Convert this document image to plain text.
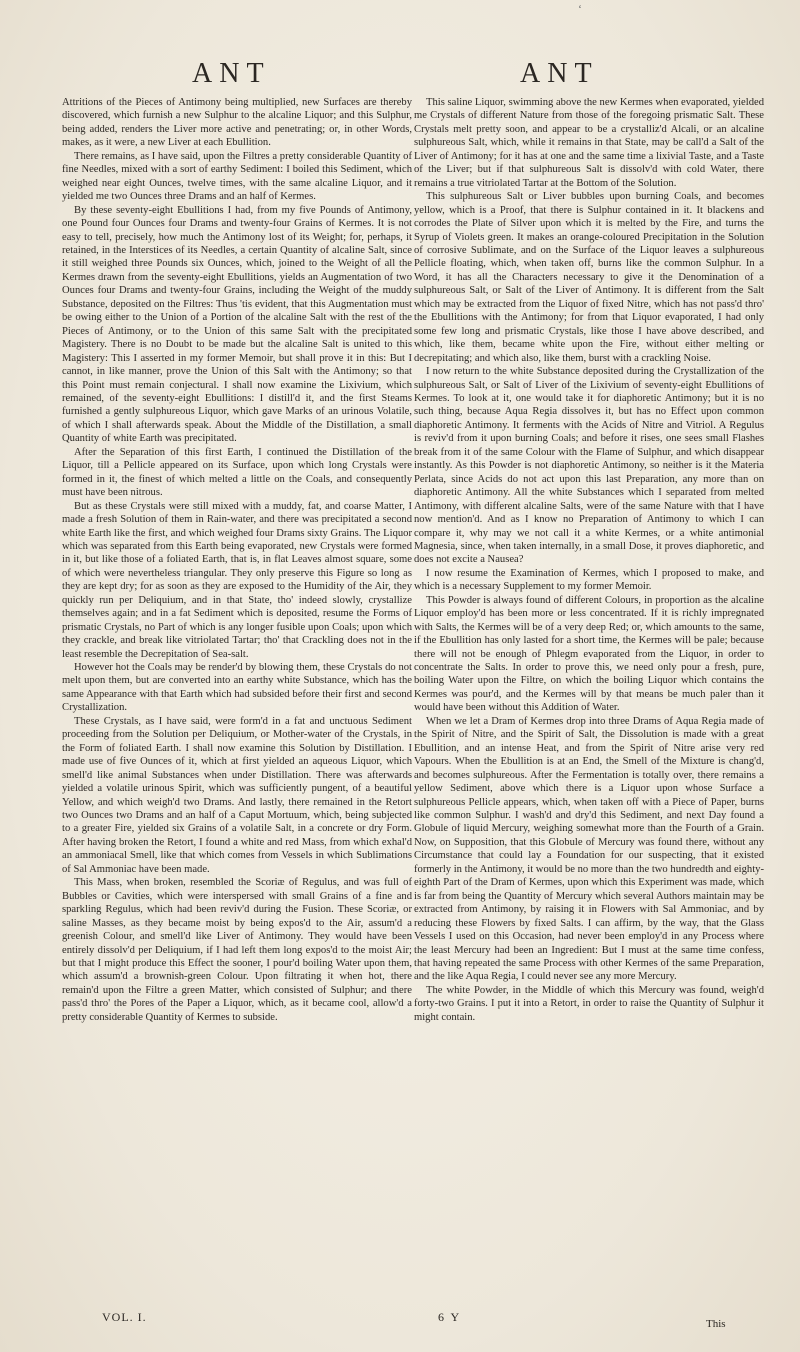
‘
ANT	ANT

Attritions of the Pieces of Antimony being multiplied, new Surfaces are thereby discovered, which furnish a new Sulphur to the alcaline Liquor; and this Sulphur, being added, renders the Liver more active and penetrating; or, in other Words, makes, as it were, a new Liver at each Ebullition.

There remains, as I have said, upon the Filtres a pretty considerable Quantity of fine Needles, mixed with a sort of earthy Sediment: I boiled this Sediment, which weighed near eight Ounces, twelve times, with the same alcaline Liquor, and it yielded me two Ounces three Drams and an half of Kermes.

By these seventy-eight Ebullitions I had, from my five Pounds of Antimony, one Pound four Ounces four Drams and twenty-four Grains of Kermes. It is not easy to tell, precisely, how much the Antimony lost of its Weight; for, perhaps, it retained, in the Interstices of its Needles, a certain Quantity of alcaline Salt, since it still weighed three Pounds six Ounces, which, joined to the Weight of all the Kermes drawn from the seventy-eight Ebullitions, yields an Augmentation of two Ounces four Drams and twenty-four Grains, including the Weight of the muddy Substance, deposited on the Filtres: Thus 'tis evident, that this Augmentation must be owing either to the Union of a Portion of the alcaline Salt with the rest of the Pieces of Antimony, or to the Union of this same Salt with the precipitated Magistery. There is no Doubt to be made but the alcaline Salt is united to this Magistery: This I asserted in my former Memoir, but shall prove it in this: But I cannot, in like manner, prove the Union of this Salt with the Antimony; so that this Point must remain conjectural. I shall now examine the Lixivium, which remained, of the seventy-eight Ebullitions: I distill'd it, and the first Steams furnished a gently sulphureous Liquor, which gave Marks of an urinous Volatile, of which I shall afterwards speak. About the Middle of the Distillation, a small Quantity of white Earth was precipitated.

After the Separation of this first Earth, I continued the Distillation of the Liquor, till a Pellicle appeared on its Surface, upon which long Crystals were formed in it, the finest of which melted a little on the Coals, and consequently must have been nitrous.

But as these Crystals were still mixed with a muddy, fat, and coarse Matter, I made a fresh Solution of them in Rain-water, and there was precipitated a second white Earth like the first, and which weighed four Drams sixty Grains. The Liquor which was separated from this Earth being evaporated, new Crystals were formed in it, but like those of a foliated Earth, that is, in flat Leaves almost square, some of which were nevertheless triangular. They only preserve this Figure so long as they are kept dry; for as soon as they are exposed to the Humidity of the Air, they quickly run per Deliquium, and in that State, tho' indeed slowly, crystallize themselves again; and in a fat Sediment which is deposited, resume the Forms of prismatic Crystals, no Part of which is any longer fusible upon Coals; upon which they crackle, and break like vitriolated Tartar; tho' that Crackling does not in the least resemble the Decrepitation of Sea-salt.

However hot the Coals may be render'd by blowing them, these Crystals do not melt upon them, but are converted into an earthy white Substance, which has the same Appearance with that Earth which had subsided before their first and second Crystallization.

These Crystals, as I have said, were form'd in a fat and unctuous Sediment proceeding from the Solution per Deliquium, or Mother-water of the Crystals, in the Form of foliated Earth. I shall now examine this Solution by Distillation. I made use of five Ounces of it, which at first yielded an aqueous Liquor, which smell'd like animal Substances when under Distillation. There was afterwards yielded a volatile urinous Spirit, which was sufficiently pungent, of a beautiful Yellow, and which weigh'd two Drams. And lastly, there remained in the Retort two Ounces two Drams and an half of a Caput Mortuum, which, being subjected to a greater Fire, yielded six Grains of a volatile Salt, in a concrete or dry Form. After having broken the Retort, I found a white and red Mass, from which exhal'd an ammoniacal Smell, like that which comes from Vessels in which Sublimations of Sal Ammoniac have been made.

This Mass, when broken, resembled the Scoriæ of Regulus, and was full of Bubbles or Cavities, which were interspersed with small Grains of a fine and sparkling Regulus, which had been reviv'd during the Fusion. These Scoriæ, or saline Masses, as they became moist by being expos'd to the Air, assum'd a greenish Colour, and smell'd like Liver of Antimony. They would have been entirely dissolv'd per Deliquium, if I had left them long expos'd to the moist Air; but that I might produce this Effect the sooner, I pour'd boiling Water upon them, which assum'd a brownish-green Colour. Upon filtrating it when hot, there remain'd upon the Filtre a green Matter, which consisted of Sulphur; and there pass'd thro' the Pores of the Paper a Liquor, which, as it became cool, allow'd a pretty considerable Quantity of Kermes to subside.

This saline Liquor, swimming above the new Kermes when evaporated, yielded me Crystals of different Nature from those of the foregoing prismatic Salt. These Crystals melt pretty soon, and appear to be a crystalliz'd Alcali, or an alcaline sulphureous Salt, which, while it remains in that State, may be call'd a Salt of the Liver of Antimony; for it has at one and the same time a lixivial Taste, and a Taste of the Liver; but if that sulphureous Salt is dissolv'd with cold Water, there remains a true vitriolated Tartar at the Bottom of the Solution.

This sulphureous Salt or Liver bubbles upon burning Coals, and becomes yellow, which is a Proof, that there is Sulphur contained in it. It blackens and corrodes the Plate of Silver upon which it is melted by the Fire, and turns the Syrup of Violets green. It makes an orange-coloured Precipitation in the Solution of corrosive Sublimate, and on the Surface of the Liquor leaves a sulphureous Pellicle floating, which, when taken off, burns like the common Sulphur. In a Word, it has all the Characters necessary to give it the Denomination of a sulphureous Salt, or Salt of the Liver of Antimony. It is different from the Salt which may be extracted from the Liquor of fixed Nitre, which has not pass'd thro' the Ebullitions with the Antimony; for from that Liquor evaporated, I had only some few long and prismatic Crystals, like those I have above described, and which, like them, became white upon the Fire, without either melting or decrepitating; and which also, like them, burst with a crackling Noise.

I now return to the white Substance deposited during the Crystallization of the sulphureous Salt, or Salt of Liver of the Lixivium of seventy-eight Ebullitions of Kermes. To look at it, one would take it for diaphoretic Antimony; but it is no such thing, because Aqua Regia dissolves it, but has no Effect upon common diaphoretic Antimony. It ferments with the Acids of Nitre and Vitriol. A Regulus is reviv'd from it upon burning Coals; and before it rises, one sees small Flashes break from it of the same Colour with the Flame of Sulphur, and which disappear instantly. As this Powder is not diaphoretic Antimony, so neither is it the Materia Perlata, since Acids do not act upon this last Preparation, any more than on diaphoretic Antimony. All the white Substances which I separated from melted Antimony, with different alcaline Salts, were of the same Nature with that I have now mention'd. And as I know no Preparation of Antimony to which I can compare it, why may we not call it a white Kermes, or a white antimonial Magnesia, since, when taken internally, in a small Dose, it proves diaphoretic, and does not excite a Nausea?

I now resume the Examination of Kermes, which I proposed to make, and which is a necessary Supplement to my former Memoir.

This Powder is always found of different Colours, in proportion as the alcaline Liquor employ'd has been more or less concentrated. If it is richly impregnated with Salts, the Kermes will be of a very deep Red; or, which amounts to the same, if the Ebullition has only lasted for a short time, the Kermes will be pale; because there will not be enough of Phlegm evaporated from the Liquor, in order to concentrate the Salts. In order to prove this, we need only pour a fresh, pure, boiling Water upon the Filtre, on which the boiling Liquor which contains the Kermes was pour'd, and the Kermes will by that means be much paler than it would have been without this Addition of Water.

When we let a Dram of Kermes drop into three Drams of Aqua Regia made of the Spirit of Nitre, and the Spirit of Salt, the Dissolution is made with a great Ebullition, and an intense Heat, and from the Spirit of Nitre arise very red Vapours. When the Ebullition is at an End, the Smell of the Mixture is chang'd, and becomes sulphureous. After the Fermentation is totally over, there remains a yellow Sediment, above which there is a Liquor upon whose Surface a sulphureous Pellicle appears, which, when taken off with a Piece of Paper, burns like common Sulphur. I wash'd and dry'd this Sediment, and next Day found a Globule of liquid Mercury, weighing somewhat more than the Fourth of a Grain. Now, on Supposition, that this Globule of Mercury was found there, without any Circumstance that could lay a Foundation for our suspecting, that it existed formerly in the Antimony, it would be no more than the two hundredth and eighty-eighth Part of the Dram of Kermes, upon which this Experiment was made, which is far from being the Quantity of Mercury which several Authors maintain may be extracted from Antimony, by raising it in Flowers with Sal Ammoniac, and by reducing these Flowers by fixed Salts. I can affirm, by the way, that the Glass Vessels I used on this Occasion, had never been employ'd in any Process where the least Mercury had been an Ingredient: But I must at the same time confess, that having repeated the same Process with other Kermes of the same Preparation, and the like Aqua Regia, I could never see any more Mercury.

The white Powder, in the Middle of which this Mercury was found, weigh'd forty-two Grains. I put it into a Retort, in order to raise the Quantity of Sulphur it might contain.

VOL. I.	6 Y	This
